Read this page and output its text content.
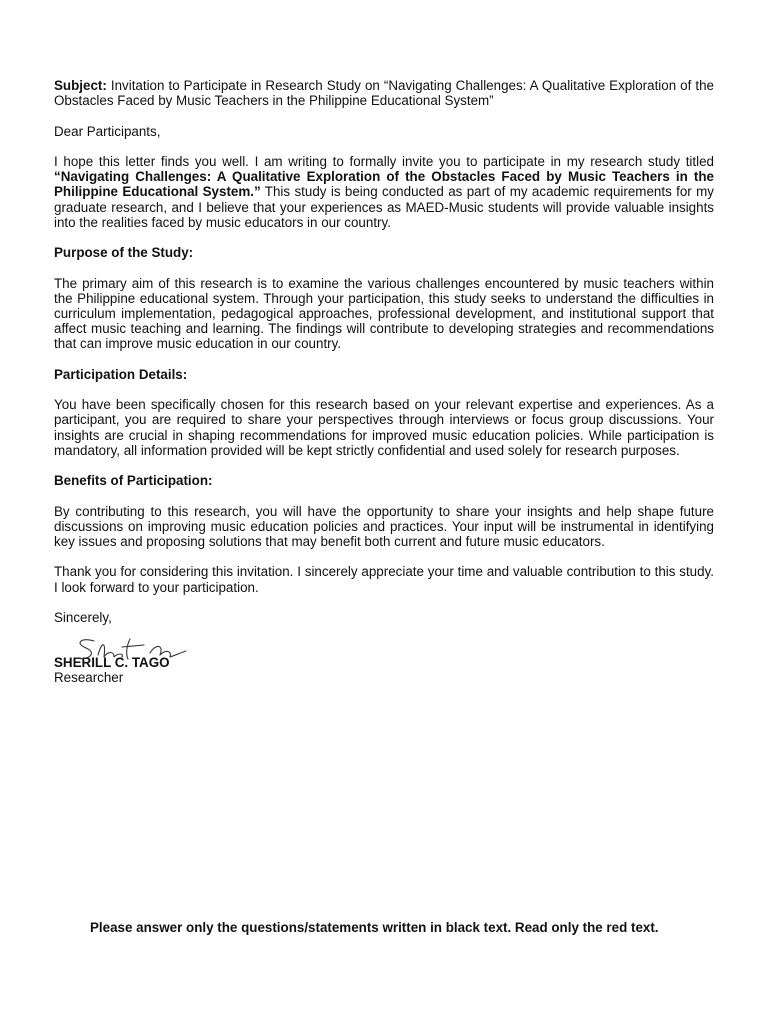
Subject: Invitation to Participate in Research Study on “Navigating Challenges: A Qualitative Exploration of the Obstacles Faced by Music Teachers in the Philippine Educational System”

Dear Participants,

I hope this letter finds you well. I am writing to formally invite you to participate in my research study titled “Navigating Challenges: A Qualitative Exploration of the Obstacles Faced by Music Teachers in the Philippine Educational System.” This study is being conducted as part of my academic requirements for my graduate research, and I believe that your experiences as MAED-Music students will provide valuable insights into the realities faced by music educators in our country.

Purpose of the Study:

The primary aim of this research is to examine the various challenges encountered by music teachers within the Philippine educational system. Through your participation, this study seeks to understand the difficulties in curriculum implementation, pedagogical approaches, professional development, and institutional support that affect music teaching and learning. The findings will contribute to developing strategies and recommendations that can improve music education in our country.

Participation Details:

You have been specifically chosen for this research based on your relevant expertise and experiences. As a participant, you are required to share your perspectives through interviews or focus group discussions. Your insights are crucial in shaping recommendations for improved music education policies. While participation is mandatory, all information provided will be kept strictly confidential and used solely for research purposes.

Benefits of Participation:

By contributing to this research, you will have the opportunity to share your insights and help shape future discussions on improving music education policies and practices. Your input will be instrumental in identifying key issues and proposing solutions that may benefit both current and future music educators.

Thank you for considering this invitation. I sincerely appreciate your time and valuable contribution to this study. I look forward to your participation.

Sincerely,

SHERILL C. TAGO
Researcher
Please answer only the questions/statements written in black text. Read only the red text.
